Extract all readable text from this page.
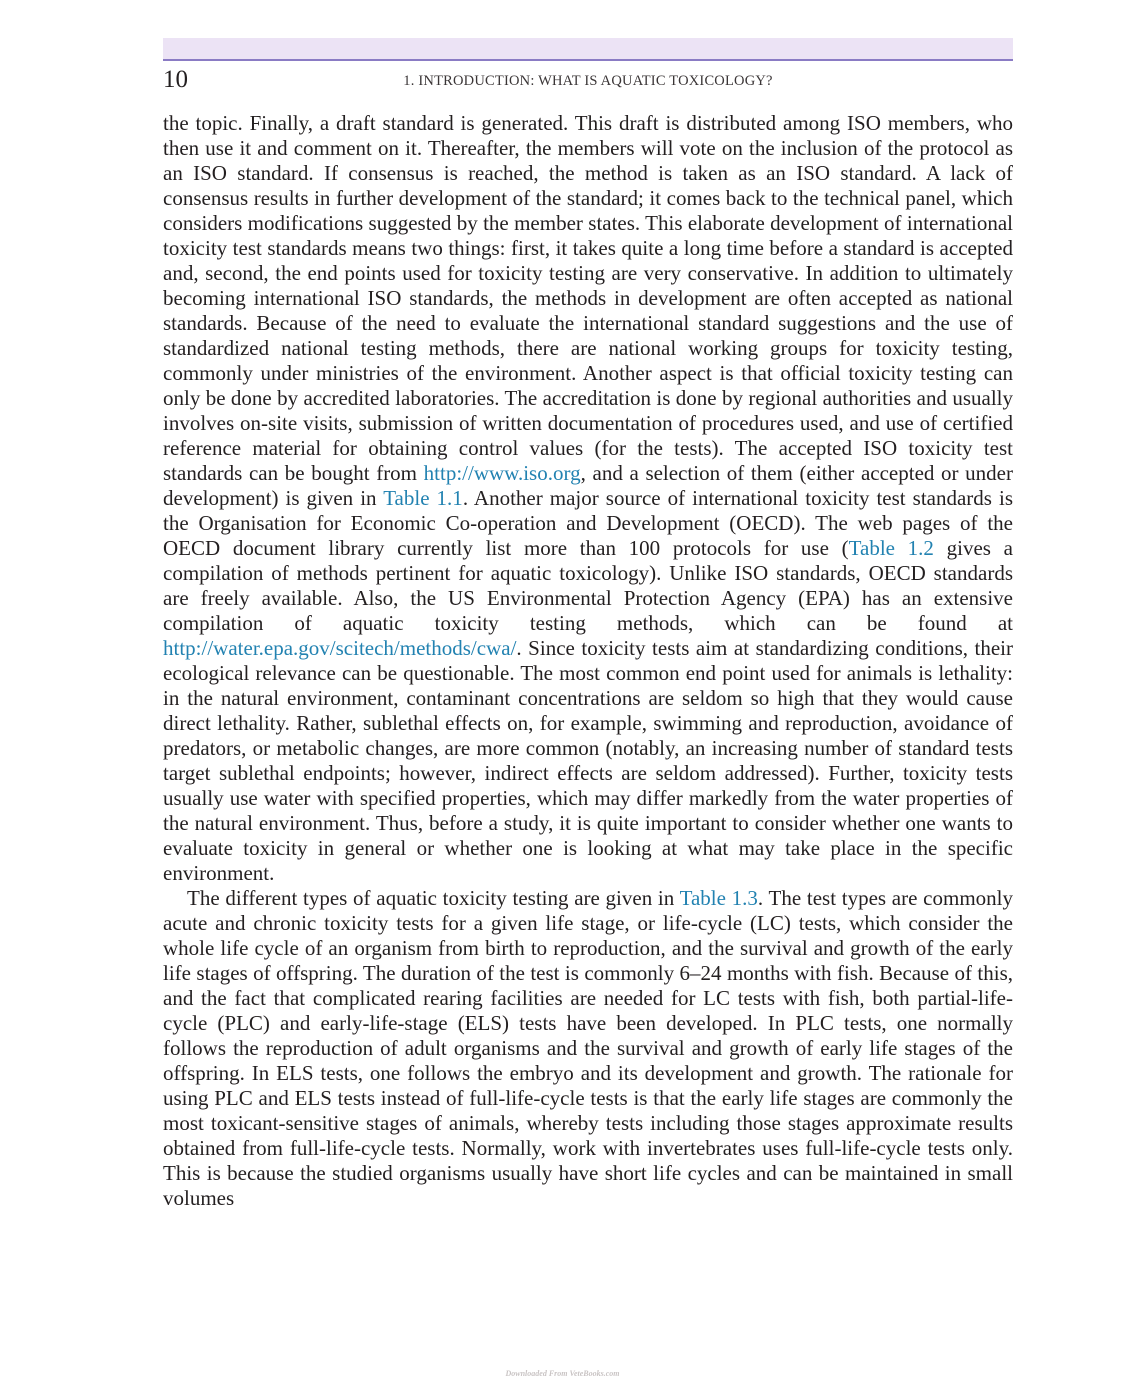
10	1. INTRODUCTION: WHAT IS AQUATIC TOXICOLOGY?

the topic. Finally, a draft standard is generated. This draft is distributed among ISO members, who then use it and comment on it. Thereafter, the members will vote on the inclusion of the protocol as an ISO standard. If consensus is reached, the method is taken as an ISO standard. A lack of consensus results in further development of the standard; it comes back to the technical panel, which considers modifications suggested by the member states. This elaborate development of international toxicity test standards means two things: first, it takes quite a long time before a standard is accepted and, second, the end points used for toxicity testing are very conservative. In addition to ultimately becoming international ISO standards, the methods in development are often accepted as national standards. Because of the need to evaluate the international standard suggestions and the use of standardized national testing methods, there are national working groups for toxicity testing, commonly under ministries of the environment. Another aspect is that official toxicity testing can only be done by accredited laboratories. The accreditation is done by regional authorities and usually involves on-site visits, submission of written documentation of procedures used, and use of certified reference material for obtaining control values (for the tests). The accepted ISO toxicity test standards can be bought from http://www.iso.org, and a selection of them (either accepted or under development) is given in Table 1.1. Another major source of international toxicity test standards is the Organisation for Economic Co-operation and Development (OECD). The web pages of the OECD document library currently list more than 100 protocols for use (Table 1.2 gives a compilation of methods pertinent for aquatic toxicology). Unlike ISO standards, OECD standards are freely available. Also, the US Environmental Protection Agency (EPA) has an extensive compilation of aquatic toxicity testing methods, which can be found at http://water.epa.gov/scitech/methods/cwa/. Since toxicity tests aim at standardizing conditions, their ecological relevance can be questionable. The most common end point used for animals is lethality: in the natural environment, contaminant concentrations are seldom so high that they would cause direct lethality. Rather, sublethal effects on, for example, swimming and reproduction, avoidance of predators, or metabolic changes, are more common (notably, an increasing number of standard tests target sublethal endpoints; however, indirect effects are seldom addressed). Further, toxicity tests usually use water with specified properties, which may differ markedly from the water properties of the natural environment. Thus, before a study, it is quite important to consider whether one wants to evaluate toxicity in general or whether one is looking at what may take place in the specific environment.

The different types of aquatic toxicity testing are given in Table 1.3. The test types are commonly acute and chronic toxicity tests for a given life stage, or life-cycle (LC) tests, which consider the whole life cycle of an organism from birth to reproduction, and the survival and growth of the early life stages of offspring. The duration of the test is commonly 6–24 months with fish. Because of this, and the fact that complicated rearing facilities are needed for LC tests with fish, both partial-life-cycle (PLC) and early-life-stage (ELS) tests have been developed. In PLC tests, one normally follows the reproduction of adult organisms and the survival and growth of early life stages of the offspring. In ELS tests, one follows the embryo and its development and growth. The rationale for using PLC and ELS tests instead of full-life-cycle tests is that the early life stages are commonly the most toxicant-sensitive stages of animals, whereby tests including those stages approximate results obtained from full-life-cycle tests. Normally, work with invertebrates uses full-life-cycle tests only. This is because the studied organisms usually have short life cycles and can be maintained in small volumes

Downloaded From VeteBooks.com
